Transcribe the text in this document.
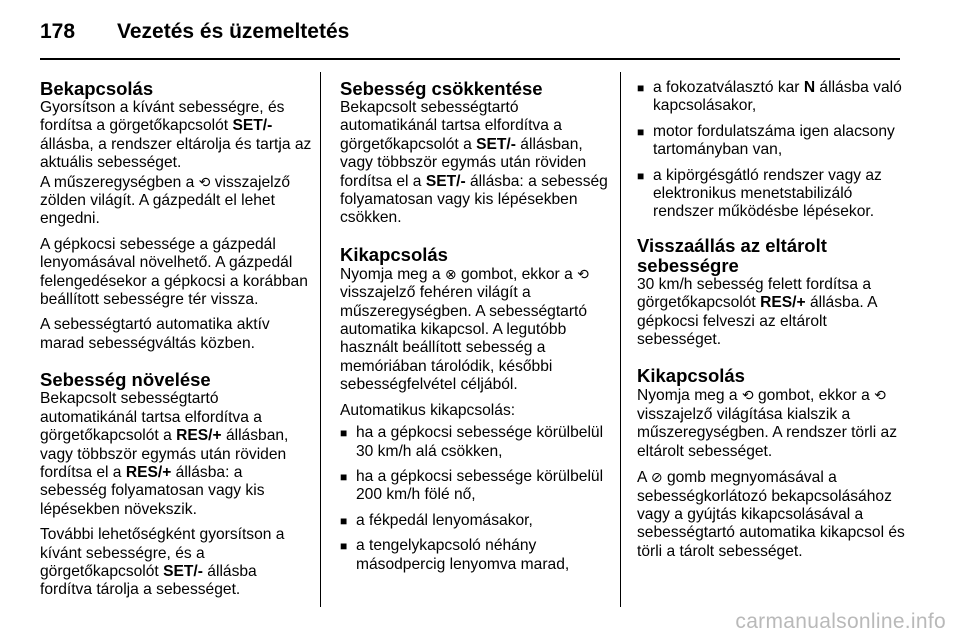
178 Vezetés és üzemeltetés
Bekapcsolás

Gyorsítson a kívánt sebességre, és fordítsa a görgetőkapcsolót SET/- állásba, a rendszer eltárolja és tartja az aktuális sebességet.
A műszeregységben a ⟲ visszajelző zölden világít. A gázpedált el lehet engedni.

A gépkocsi sebessége a gázpedál lenyomásával növelhető. A gázpedál felengedésekor a gépkocsi a korábban beállított sebességre tér vissza.

A sebességtartó automatika aktív marad sebességváltás közben.

Sebesség növelése

Bekapcsolt sebességtartó automatikánál tartsa elfordítva a görgetőkapcsolót a RES/+ állásban, vagy többször egymás után röviden fordítsa el a RES/+ állásba: a sebesség folyamatosan vagy kis lépésekben növekszik.

További lehetőségként gyorsítson a kívánt sebességre, és a görgetőkapcsolót SET/- állásba fordítva tárolja a sebességet.

Sebesség csökkentése

Bekapcsolt sebességtartó automatikánál tartsa elfordítva a görgetőkapcsolót a SET/- állásban, vagy többször egymás után röviden fordítsa el a SET/- állásba: a sebesség folyamatosan vagy kis lépésekben csökken.

Kikapcsolás

Nyomja meg a ⊗ gombot, ekkor a ⟲ visszajelző fehéren világít a műszeregységben. A sebességtartó automatika kikapcsol. A legutóbb használt beállított sebesség a memóriában tárolódik, későbbi sebességfelvétel céljából.

Automatikus kikapcsolás:

■ ha a gépkocsi sebessége körülbelül 30 km/h alá csökken,
■ ha a gépkocsi sebessége körülbelül 200 km/h fölé nő,
■ a fékpedál lenyomásakor,
■ a tengelykapcsoló néhány másodpercig lenyomva marad,
■ a fokozatválasztó kar N állásba való kapcsolásakor,
■ motor fordulatszáma igen alacsony tartományban van,
■ a kipörgésgátló rendszer vagy az elektronikus menetstabilizáló rendszer működésbe lépésekor.
Visszaállás az eltárolt sebességre

30 km/h sebesség felett fordítsa a görgetőkapcsolót RES/+ állásba. A gépkocsi felveszi az eltárolt sebességet.

Kikapcsolás

Nyomja meg a ⟲ gombot, ekkor a ⟲ visszajelző világítása kialszik a műszeregységben. A rendszer törli az eltárolt sebességet.

A ⊘ gomb megnyomásával a sebességkorlátozó bekapcsolásához vagy a gyújtás kikapcsolásával a sebességtartó automatika kikapcsol és törli a tárolt sebességet.

carmanualsonline.info
